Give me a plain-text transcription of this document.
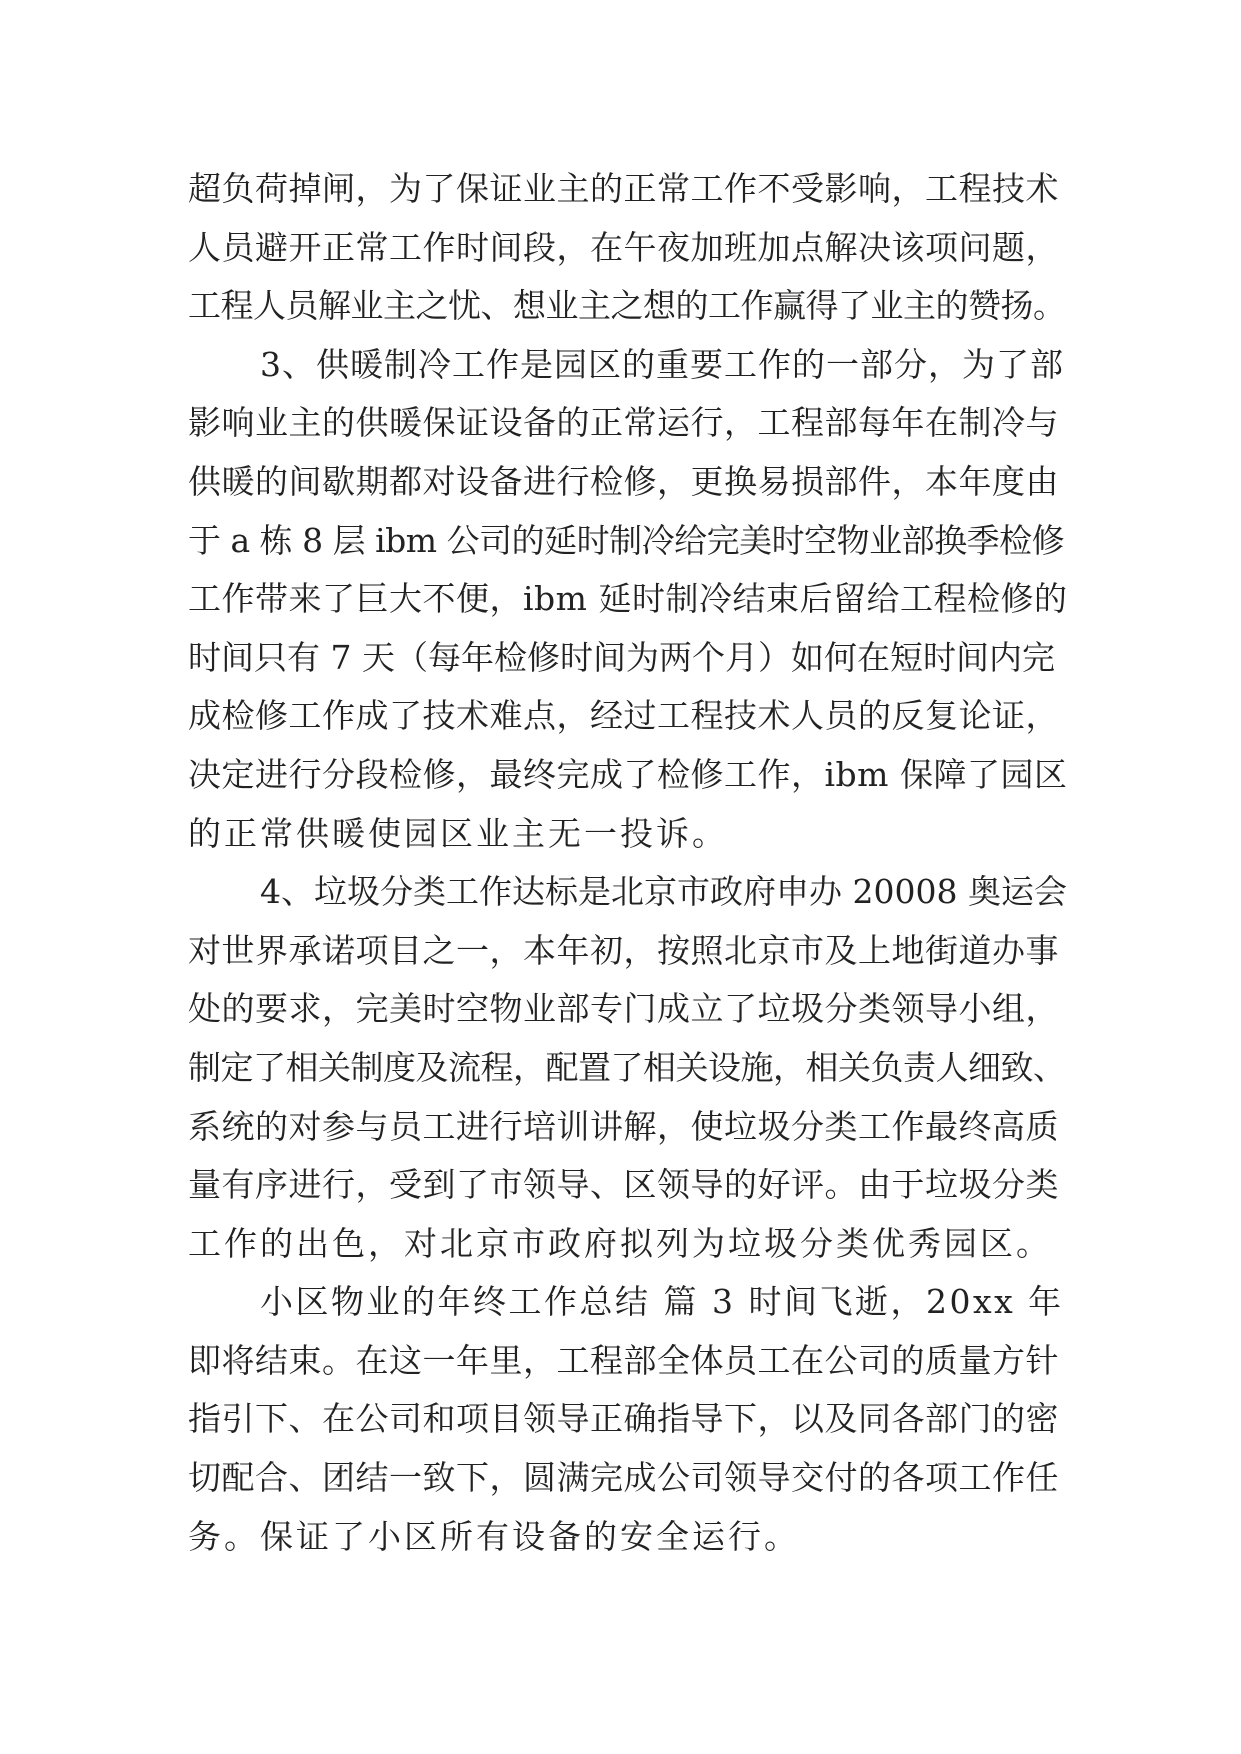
超负荷掉闸，为了保证业主的正常工作不受影响，工程技术
人员避开正常工作时间段，在午夜加班加点解决该项问题，
工程人员解业主之忧、想业主之想的工作赢得了业主的赞扬。
3、供暖制冷工作是园区的重要工作的一部分，为了部
影响业主的供暖保证设备的正常运行，工程部每年在制冷与
供暖的间歇期都对设备进行检修，更换易损部件，本年度由
于 a 栋 8 层 ibm 公司的延时制冷给完美时空物业部换季检修
工作带来了巨大不便，ibm 延时制冷结束后留给工程检修的
时间只有 7 天（每年检修时间为两个月）如何在短时间内完
成检修工作成了技术难点，经过工程技术人员的反复论证，
决定进行分段检修，最终完成了检修工作，ibm 保障了园区
的正常供暖使园区业主无一投诉。
4、垃圾分类工作达标是北京市政府申办 20008 奥运会
对世界承诺项目之一，本年初，按照北京市及上地街道办事
处的要求，完美时空物业部专门成立了垃圾分类领导小组，
制定了相关制度及流程，配置了相关设施，相关负责人细致、
系统的对参与员工进行培训讲解，使垃圾分类工作最终高质
量有序进行，受到了市领导、区领导的好评。由于垃圾分类
工作的出色，对北京市政府拟列为垃圾分类优秀园区。
小区物业的年终工作总结 篇 3 时间飞逝，20xx 年
即将结束。在这一年里，工程部全体员工在公司的质量方针
指引下、在公司和项目领导正确指导下，以及同各部门的密
切配合、团结一致下，圆满完成公司领导交付的各项工作任
务。保证了小区所有设备的安全运行。
